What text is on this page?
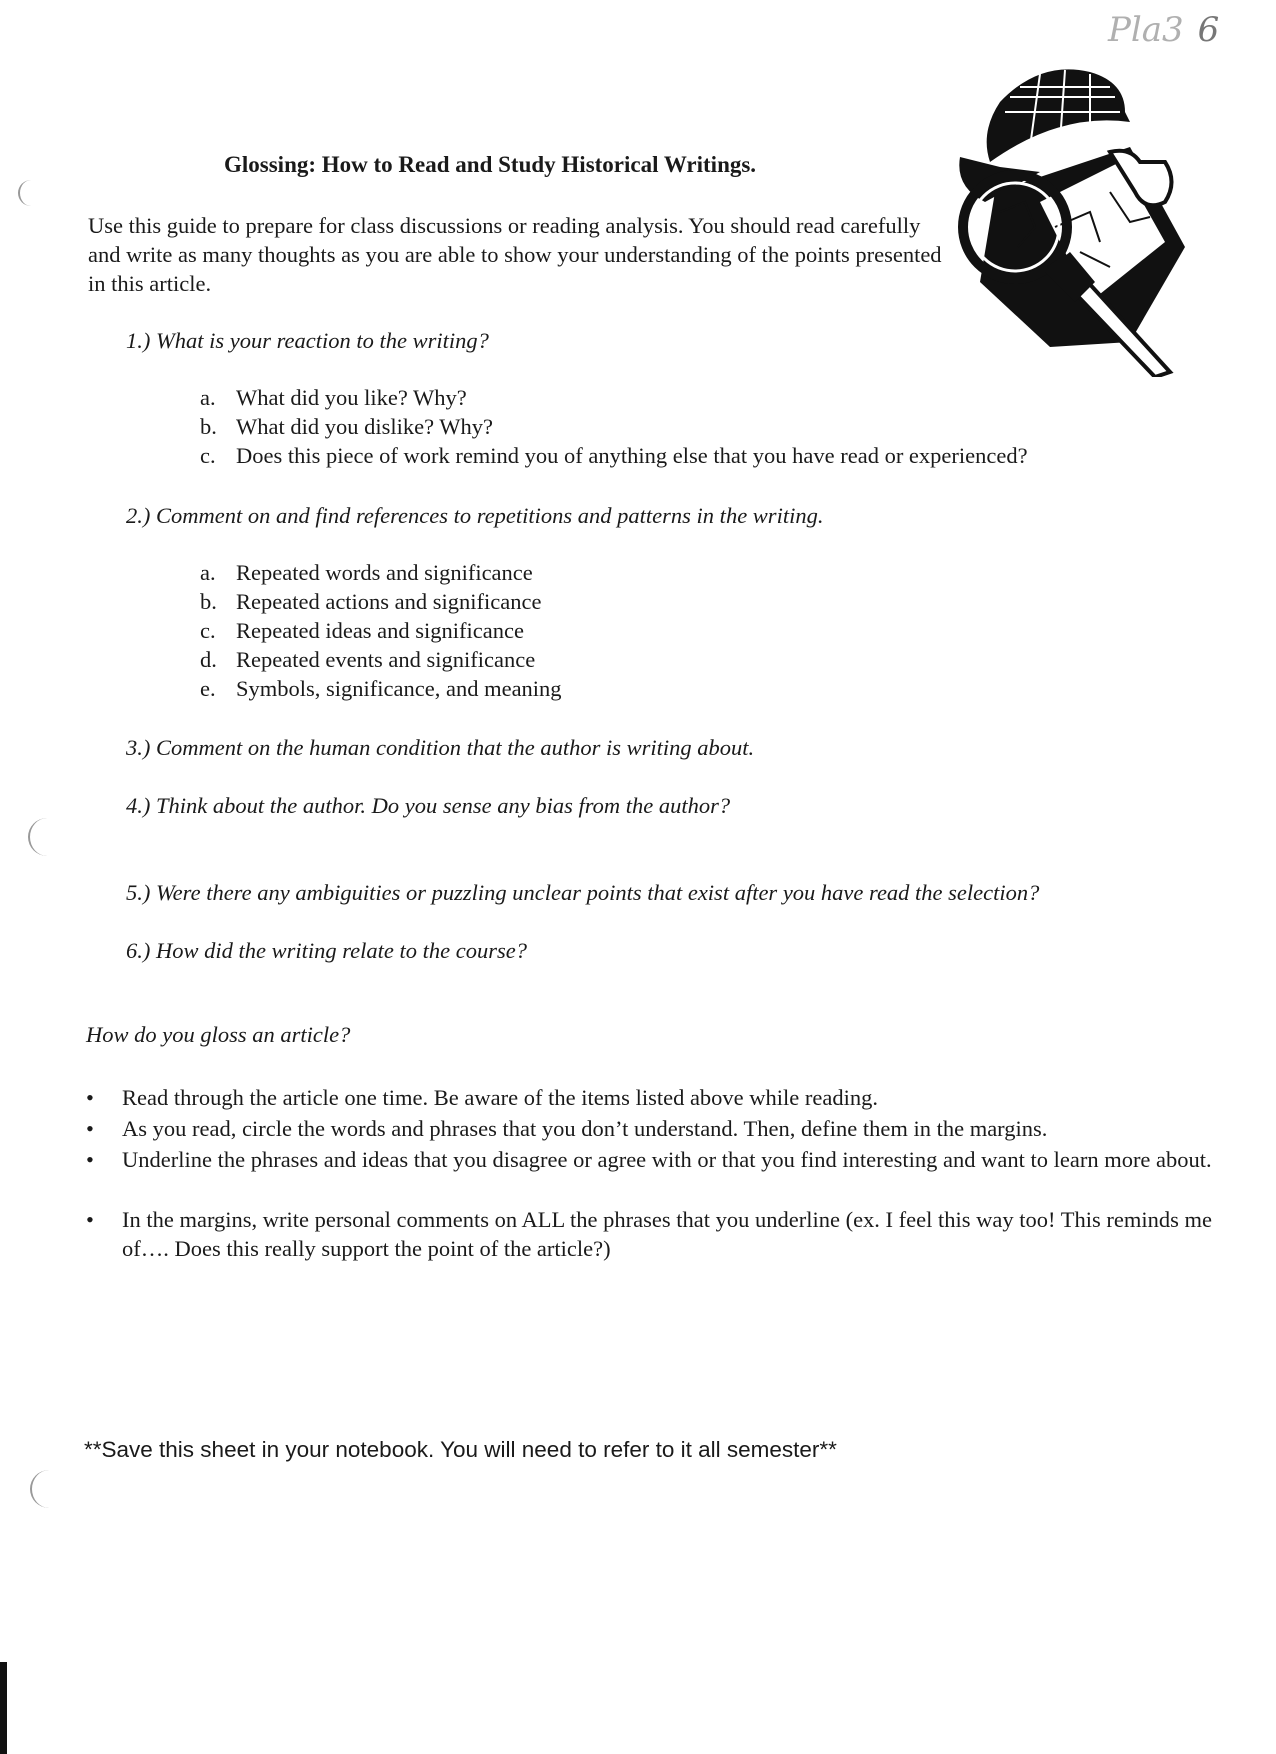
Pla3 6
Glossing: How to Read and Study Historical Writings.
Use this guide to prepare for class discussions or reading analysis. You should read carefully and write as many thoughts as you are able to show your understanding of the points presented in this article.
1.) What is your reaction to the writing?
a. What did you like? Why?
b. What did you dislike? Why?
c. Does this piece of work remind you of anything else that you have read or experienced?
2.) Comment on and find references to repetitions and patterns in the writing.
a. Repeated words and significance
b. Repeated actions and significance
c. Repeated ideas and significance
d. Repeated events and significance
e. Symbols, significance, and meaning
3.) Comment on the human condition that the author is writing about.
4.) Think about the author. Do you sense any bias from the author?
5.) Were there any ambiguities or puzzling unclear points that exist after you have read the selection?
6.) How did the writing relate to the course?
How do you gloss an article?
• Read through the article one time. Be aware of the items listed above while reading.
• As you read, circle the words and phrases that you don’t understand. Then, define them in the margins.
• Underline the phrases and ideas that you disagree or agree with or that you find interesting and want to learn more about.
• In the margins, write personal comments on ALL the phrases that you underline (ex. I feel this way too! This reminds me of…. Does this really support the point of the article?)
**Save this sheet in your notebook. You will need to refer to it all semester**
